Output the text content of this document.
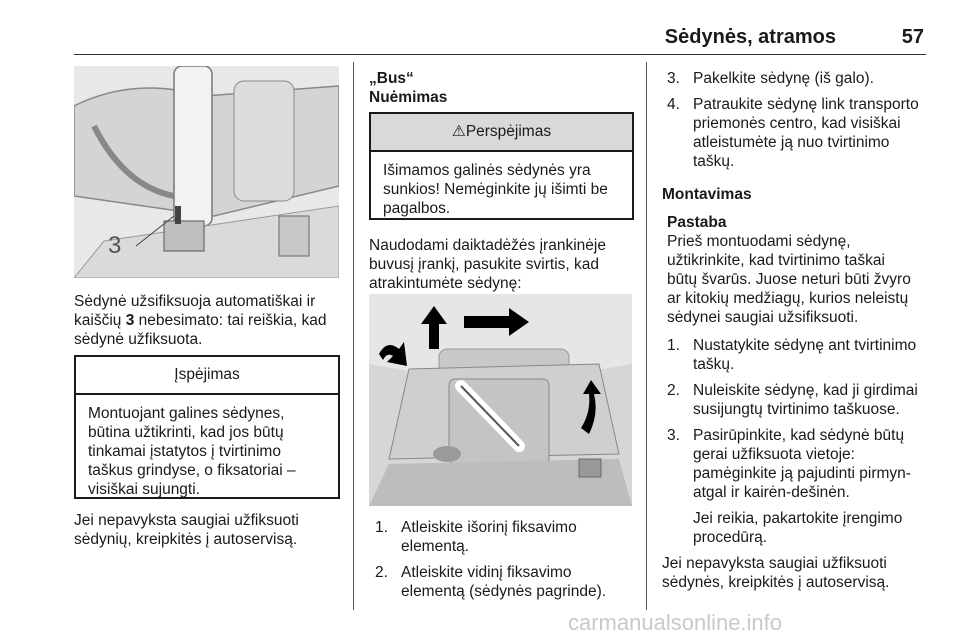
Sėdynės, atramos	57
3

Sėdynė užsifiksuoja automatiškai ir kaiščių 3 nebesimato: tai reiškia, kad sėdynė užfiksuota.

Įspėjimas
Montuojant galines sėdynes,
būtina užtikrinti, kad jos būtų
tinkamai įstatytos į tvirtinimo
taškus grindyse, o fiksatoriai –
visiškai sujungti.
Jei nepavyksta saugiai užfiksuoti
sėdynių, kreipkitės į autoservisą.
„Bus“
Nuėmimas
⚠Perspėjimas
Išimamos galinės sėdynės yra
sunkios! Nemėginkite jų išimti be
pagalbos.
Naudodami daiktadėžės įrankinėje
buvusį įrankį, pasukite svirtis, kad
atrakintumėte sėdynę:
1. Atleiskite išorinį fiksavimo
elementą.
2. Atleiskite vidinį fiksavimo
elementą (sėdynės pagrinde).
3. Pakelkite sėdynę (iš galo).
4. Patraukite sėdynę link transporto
priemonės centro, kad visiškai
atleistumėte ją nuo tvirtinimo
taškų.
Montavimas
Pastaba
Prieš montuodami sėdynę,
užtikrinkite, kad tvirtinimo taškai
būtų švarūs. Juose neturi būti žvyro
ar kitokių medžiagų, kurios neleistų
sėdynei saugiai užsifiksuoti.
1. Nustatykite sėdynę ant tvirtinimo
taškų.
2. Nuleiskite sėdynę, kad ji girdimai
susijungtų tvirtinimo taškuose.
3. Pasirūpinkite, kad sėdynė būtų
gerai užfiksuota vietoje:
pamėginkite ją pajudinti pirmyn-
atgal ir kairėn-dešinėn.
Jei reikia, pakartokite įrengimo
procedūrą.
Jei nepavyksta saugiai užfiksuoti
sėdynės, kreipkitės į autoservisą.
carmanualsonline.info
